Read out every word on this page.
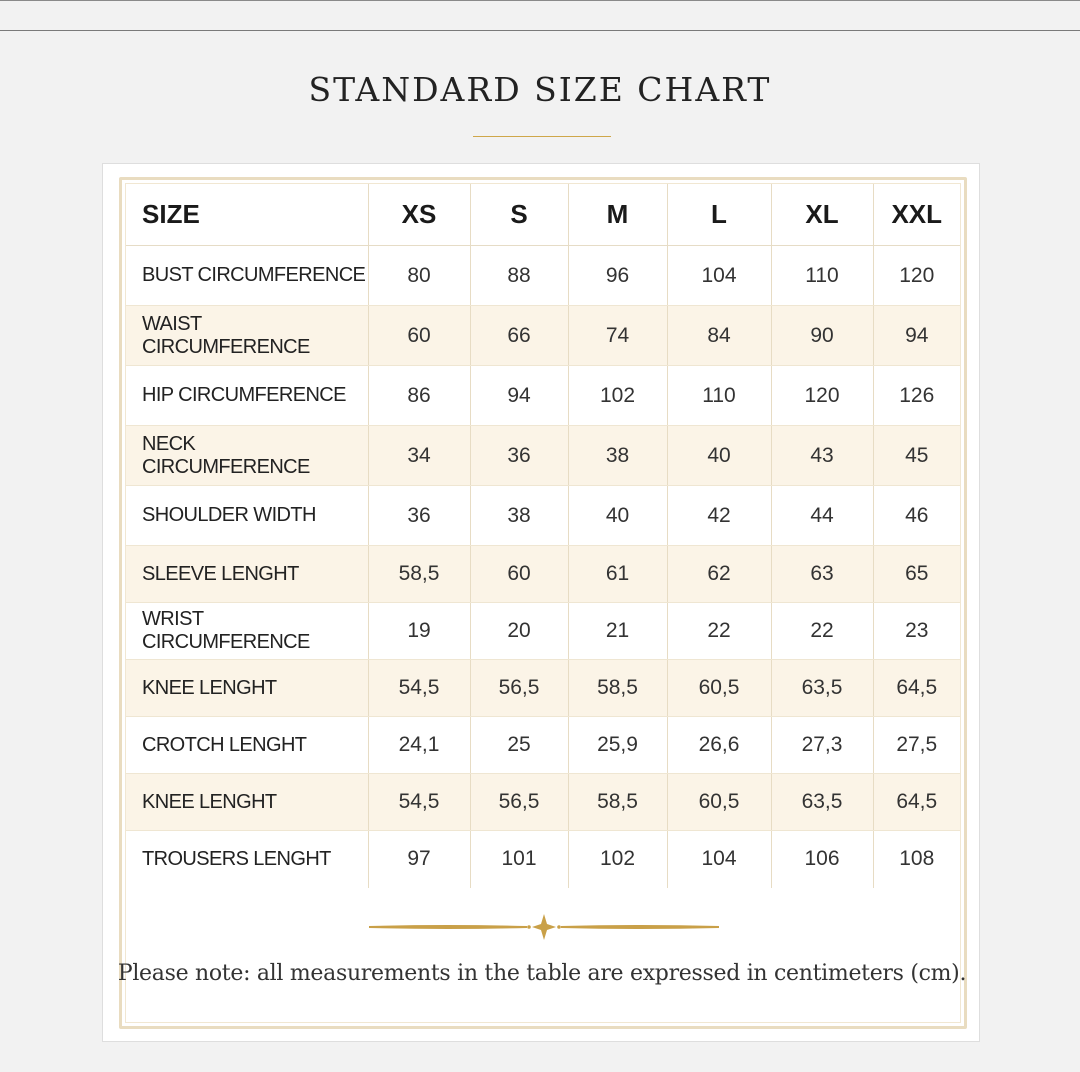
STANDARD SIZE CHART
SIZE	XS	S	M	L	XL	XXL
BUST CIRCUMFERENCE	80	88	96	104	110	120
WAIST CIRCUMFERENCE	60	66	74	84	90	94
HIP CIRCUMFERENCE	86	94	102	110	120	126
NECK CIRCUMFERENCE	34	36	38	40	43	45
SHOULDER WIDTH	36	38	40	42	44	46
SLEEVE LENGHT	58,5	60	61	62	63	65
WRIST CIRCUMFERENCE	19	20	21	22	22	23
KNEE LENGHT	54,5	56,5	58,5	60,5	63,5	64,5
CROTCH LENGHT	24,1	25	25,9	26,6	27,3	27,5
KNEE LENGHT	54,5	56,5	58,5	60,5	63,5	64,5
TROUSERS LENGHT	97	101	102	104	106	108
Please note: all measurements in the table are expressed in centimeters (cm).
